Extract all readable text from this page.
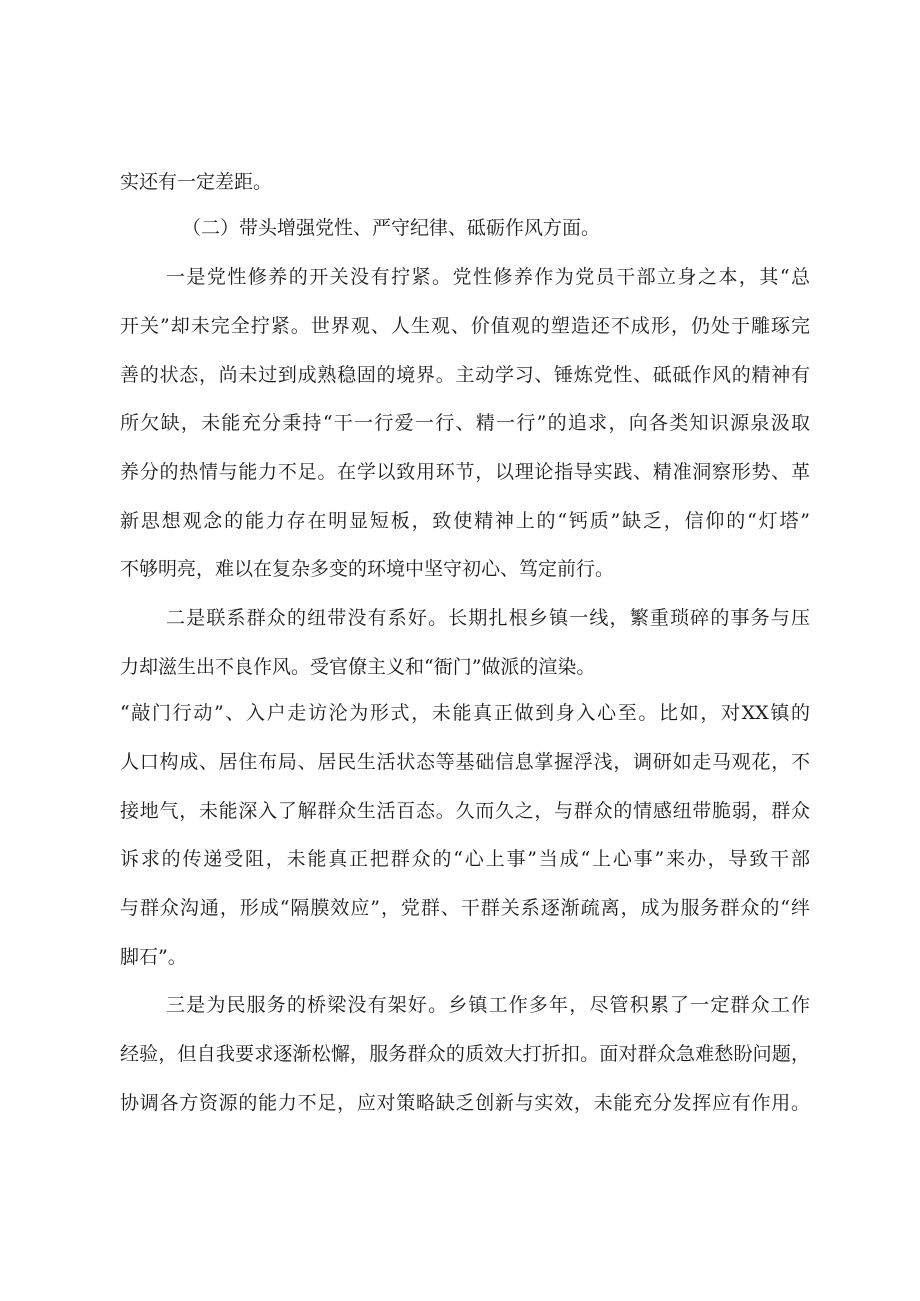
实还有一定差距。
（二）带头增强党性、严守纪律、砥砺作风方面。
一是党性修养的开关没有拧紧。党性修养作为党员干部立身之本，其“总
开关”却未完全拧紧。世界观、人生观、价值观的塑造还不成形，仍处于雕琢完
善的状态，尚未过到成熟稳固的境界。主动学习、锤炼党性、砥砥作风的精神有
所欠缺，未能充分秉持“干一行爱一行、精一行”的追求，向各类知识源泉汲取
养分的热情与能力不足。在学以致用环节，以理论指导实践、精准洞察形势、革
新思想观念的能力存在明显短板，致使精神上的“钙质”缺乏，信仰的“灯塔”
不够明亮，难以在复杂多变的环境中坚守初心、笃定前行。
二是联系群众的纽带没有系好。长期扎根乡镇一线，繁重琐碎的事务与压
力却滋生出不良作风。受官僚主义和“衙门”做派的渲染。
“敲门行动”、入户走访沦为形式，未能真正做到身入心至。比如，对XX镇的
人口构成、居住布局、居民生活状态等基础信息掌握浮浅，调研如走马观花，不
接地气，未能深入了解群众生活百态。久而久之，与群众的情感纽带脆弱，群众
诉求的传递受阻，未能真正把群众的“心上事”当成“上心事”来办，导致干部
与群众沟通，形成“隔膜效应”，党群、干群关系逐渐疏离，成为服务群众的“绊
脚石”。
三是为民服务的桥梁没有架好。乡镇工作多年，尽管积累了一定群众工作
经验，但自我要求逐渐松懈，服务群众的质效大打折扣。面对群众急难愁盼问题，
协调各方资源的能力不足，应对策略缺乏创新与实效，未能充分发挥应有作用。
